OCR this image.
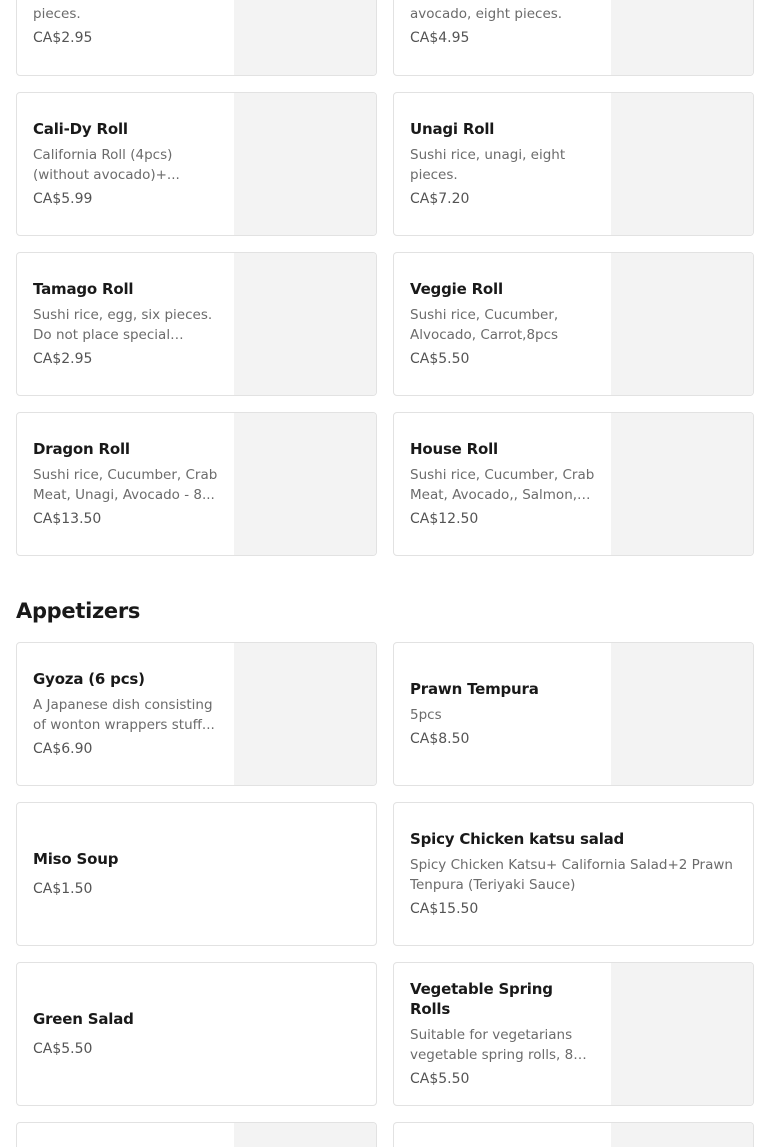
pieces.
CA$2.95
avocado, eight pieces.
CA$4.95
Cali-Dy Roll
California Roll (4pcs) (without avocado)+...
CA$5.99
Unagi Roll
Sushi rice, unagi, eight pieces.
CA$7.20
Tamago Roll
Sushi rice, egg, six pieces. Do not place special
CA$2.95
Veggie Roll
Sushi rice, Cucumber, Alvocado, Carrot,8pcs
CA$5.50
Dragon Roll
Sushi rice, Cucumber, Crab Meat, Unagi, Avocado - 8...
CA$13.50
House Roll
Sushi rice, Cucumber, Crab Meat, Avocado,, Salmon,
CA$12.50
Appetizers
Gyoza (6 pcs)
A Japanese dish consisting of wonton wrappers stuff...
CA$6.90
Prawn Tempura
5pcs
CA$8.50
Miso Soup
CA$1.50
Spicy Chicken katsu salad
Spicy Chicken Katsu+ California Salad+2 Prawn Tenpura (Teriyaki Sauce)
CA$15.50
Green Salad
CA$5.50
Vegetable Spring Rolls
Suitable for vegetarians vegetable spring rolls, 8
CA$5.50
